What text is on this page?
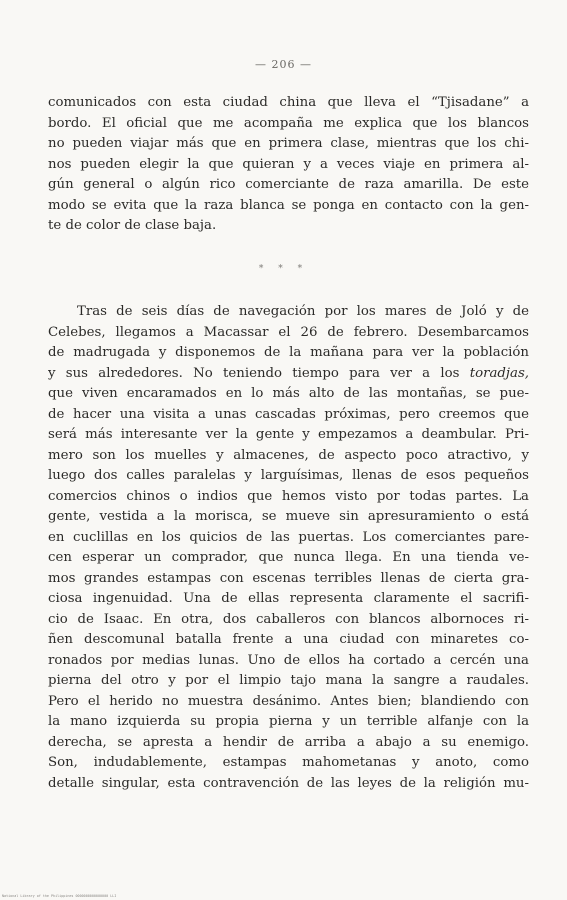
— 206 —

comunicados con esta ciudad china que lleva el “Tjisadane” a
bordo. El oficial que me acompaña me explica que los blancos
no pueden viajar más que en primera clase, mientras que los chi-
nos pueden elegir la que quieran y a veces viaje en primera al-
gún general o algún rico comerciante de raza amarilla. De este
modo se evita que la raza blanca se ponga en contacto con la gen-
te de color de clase baja.

* * *

Tras de seis días de navegación por los mares de Joló y de
Celebes, llegamos a Macassar el 26 de febrero. Desembarcamos
de madrugada y disponemos de la mañana para ver la población
y sus alrededores. No teniendo tiempo para ver a los toradjas,
que viven encaramados en lo más alto de las montañas, se pue-
de hacer una visita a unas cascadas próximas, pero creemos que
será más interesante ver la gente y empezamos a deambular. Pri-
mero son los muelles y almacenes, de aspecto poco atractivo, y
luego dos calles paralelas y larguísimas, llenas de esos pequeños
comercios chinos o indios que hemos visto por todas partes. La
gente, vestida a la morisca, se mueve sin apresuramiento o está
en cuclillas en los quicios de las puertas. Los comerciantes pare-
cen esperar un comprador, que nunca llega. En una tienda ve-
mos grandes estampas con escenas terribles llenas de cierta gra-
ciosa ingenuidad. Una de ellas representa claramente el sacrifi-
cio de Isaac. En otra, dos caballeros con blancos albornoces ri-
ñen descomunal batalla frente a una ciudad con minaretes co-
ronados por medias lunas. Uno de ellos ha cortado a cercén una
pierna del otro y por el limpio tajo mana la sangre a raudales.
Pero el herido no muestra desánimo. Antes bien; blandiendo con
la mano izquierda su propia pierna y un terrible alfanje con la
derecha, se apresta a hendir de arriba a abajo a su enemigo.
Son, indudablemente, estampas mahometanas y anoto, como
detalle singular, esta contravención de las leyes de la religión mu-

National Library of the Philippines 0000000000000000 LLI
